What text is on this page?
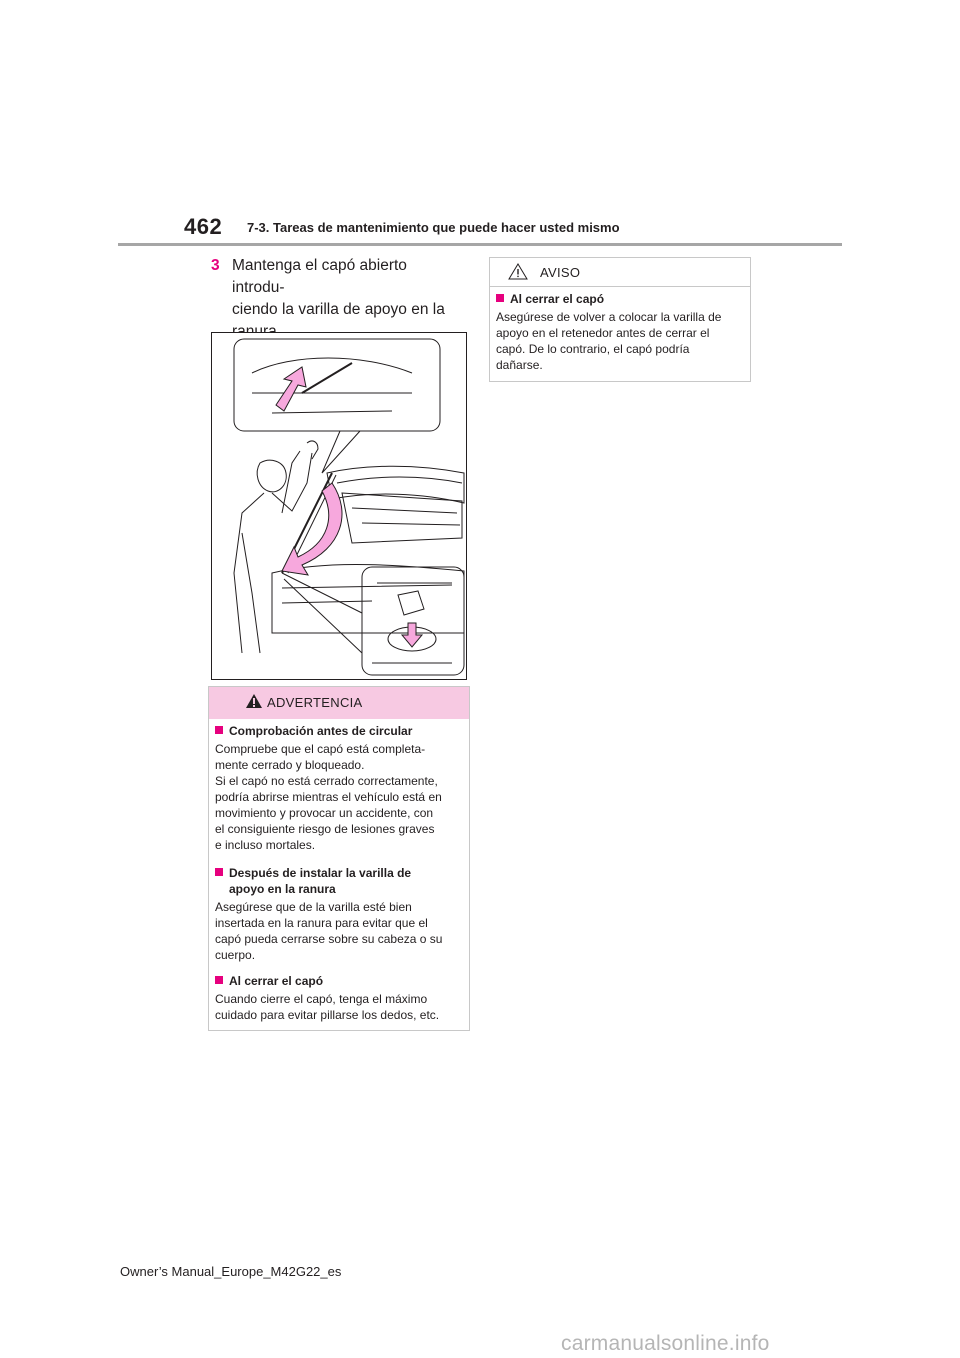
462 7-3. Tareas de mantenimiento que puede hacer usted mismo
3 Mantenga el capó abierto introdu-
ciendo la varilla de apoyo en la
ADVERTENCIA
Comprobación antes de circular
Compruebe que el capó está completa-
mente cerrado y bloqueado.
Si el capó no está cerrado correctamente,
podría abrirse mientras el vehículo está en
movimiento y provocar un accidente, con
el consiguiente riesgo de lesiones graves
e incluso mortales.
Después de instalar la varilla de
apoyo en la ranura
Asegúrese que de la varilla esté bien
insertada en la ranura para evitar que el
capó pueda cerrarse sobre su cabeza o su
cuerpo.
Al cerrar el capó
Cuando cierre el capó, tenga el máximo
cuidado para evitar pillarse los dedos, etc.
AVISO
Al cerrar el capó
Asegúrese de volver a colocar la varilla de
apoyo en el retenedor antes de cerrar el
capó. De lo contrario, el capó podría
dañarse.
Owner’s Manual_Europe_M42G22_es
carmanualsonline.info
